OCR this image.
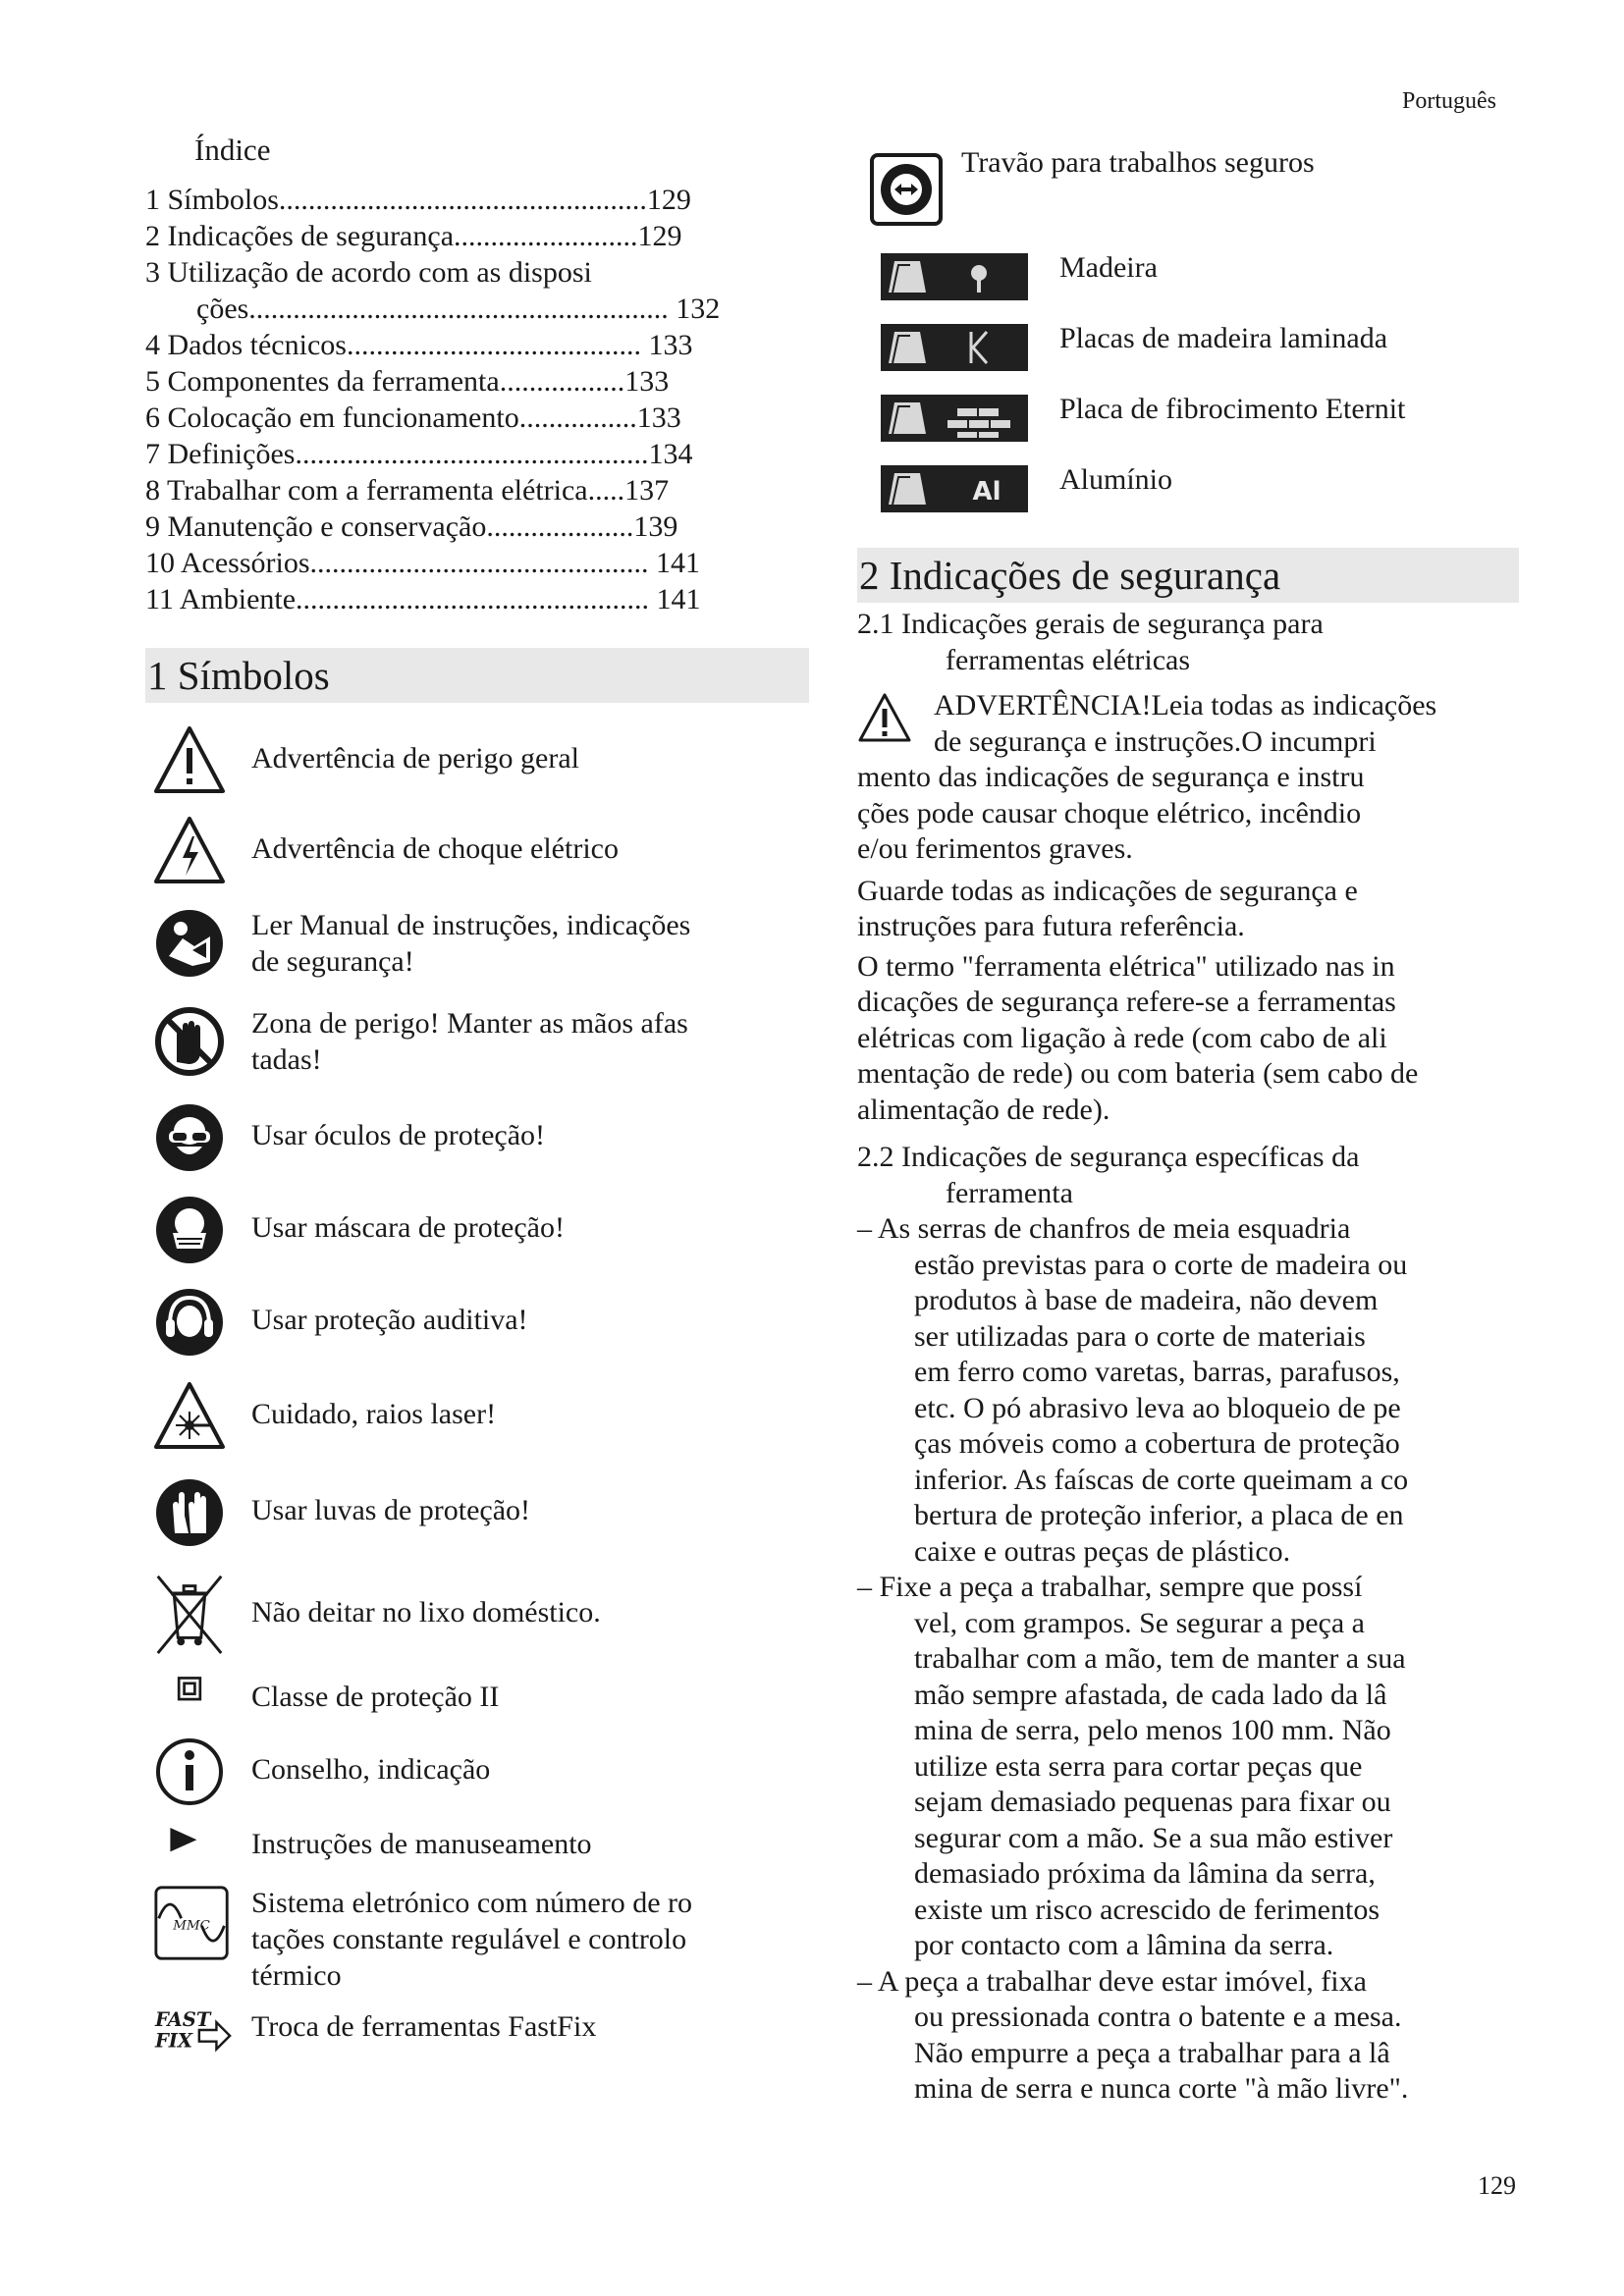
Português
129
Índice
1 Símbolos..................................................129
2 Indicações de segurança.........................129
3 Utilização de acordo com as disposi
ções......................................................... 132
4 Dados técnicos........................................ 133
5 Componentes da ferramenta.................133
6 Colocação em funcionamento................133
7 Definições................................................134
8 Trabalhar com a ferramenta elétrica.....137
9 Manutenção e conservação....................139
10 Acessórios.............................................. 141
11 Ambiente................................................ 141
1 Símbolos
Advertência de perigo geral
Advertência de choque elétrico
Ler Manual de instruções, indicações
de segurança!
Zona de perigo! Manter as mãos afas
tadas!
Usar óculos de proteção!
Usar máscara de proteção!
Usar proteção auditiva!
Cuidado, raios laser!
Usar luvas de proteção!
Não deitar no lixo doméstico.
Classe de proteção II
Conselho, indicação
Instruções de manuseamento
MMC
Sistema eletrónico com número de ro
tações constante regulável e controlo
térmico
FAST
FIX Troca de ferramentas FastFix
Travão para trabalhos seguros
Madeira
Placas de madeira laminada
Placa de fibrocimento Eternit
Al Alumínio
2 Indicações de segurança
2.1 Indicações gerais de segurança para
ferramentas elétricas
ADVERTÊNCIA!Leia todas as indicações
de segurança e instruções.O incumpri
mento das indicações de segurança e instru
ções pode causar choque elétrico, incêndio
e/ou ferimentos graves.
Guarde todas as indicações de segurança e
instruções para futura referência.
O termo "ferramenta elétrica" utilizado nas in
dicações de segurança refere-se a ferramentas
elétricas com ligação à rede (com cabo de ali
mentação de rede) ou com bateria (sem cabo de
alimentação de rede).
2.2 Indicações de segurança específicas da
ferramenta
– As serras de chanfros de meia esquadria
estão previstas para o corte de madeira ou
produtos à base de madeira, não devem
ser utilizadas para o corte de materiais
em ferro como varetas, barras, parafusos,
etc. O pó abrasivo leva ao bloqueio de pe
ças móveis como a cobertura de proteção
inferior. As faíscas de corte queimam a co
bertura de proteção inferior, a placa de en
caixe e outras peças de plástico.
– Fixe a peça a trabalhar, sempre que possí
vel, com grampos. Se segurar a peça a
trabalhar com a mão, tem de manter a sua
mão sempre afastada, de cada lado da lâ
mina de serra, pelo menos 100 mm. Não
utilize esta serra para cortar peças que
sejam demasiado pequenas para fixar ou
segurar com a mão. Se a sua mão estiver
demasiado próxima da lâmina da serra,
existe um risco acrescido de ferimentos
por contacto com a lâmina da serra.
– A peça a trabalhar deve estar imóvel, fixa
ou pressionada contra o batente e a mesa.
Não empurre a peça a trabalhar para a lâ
mina de serra e nunca corte "à mão livre".
